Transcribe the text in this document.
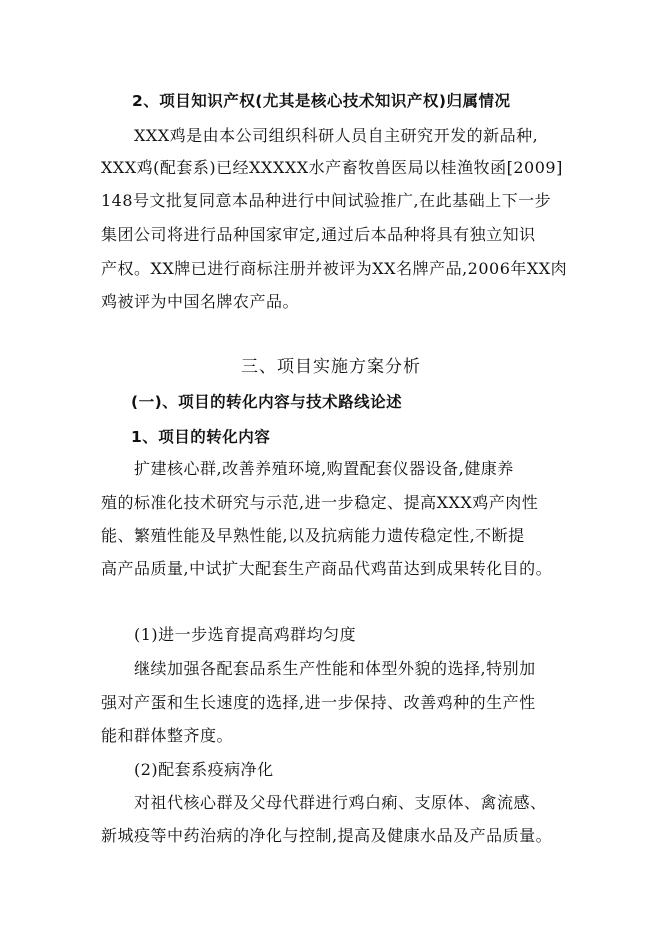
2、项目知识产权(尤其是核心技术知识产权)归属情况
XXX鸡是由本公司组织科研人员自主研究开发的新品种,
XXX鸡(配套系)已经XXXXX水产畜牧兽医局以桂渔牧函[2009]
148号文批复同意本品种进行中间试验推广,在此基础上下一步
集团公司将进行品种国家审定,通过后本品种将具有独立知识
产权。XX牌已进行商标注册并被评为XX名牌产品,2006年XX肉
鸡被评为中国名牌农产品。
三、项目实施方案分析
(一)、项目的转化内容与技术路线论述
1、项目的转化内容
扩建核心群,改善养殖环境,购置配套仪器设备,健康养
殖的标准化技术研究与示范,进一步稳定、提高XXX鸡产肉性
能、繁殖性能及早熟性能,以及抗病能力遗传稳定性,不断提
高产品质量,中试扩大配套生产商品代鸡苗达到成果转化目的。
(1)进一步选育提高鸡群均匀度
继续加强各配套品系生产性能和体型外貌的选择,特别加
强对产蛋和生长速度的选择,进一步保持、改善鸡种的生产性
能和群体整齐度。
(2)配套系疫病净化
对祖代核心群及父母代群进行鸡白痢、支原体、禽流感、
新城疫等中药治病的净化与控制,提高及健康水品及产品质量。
